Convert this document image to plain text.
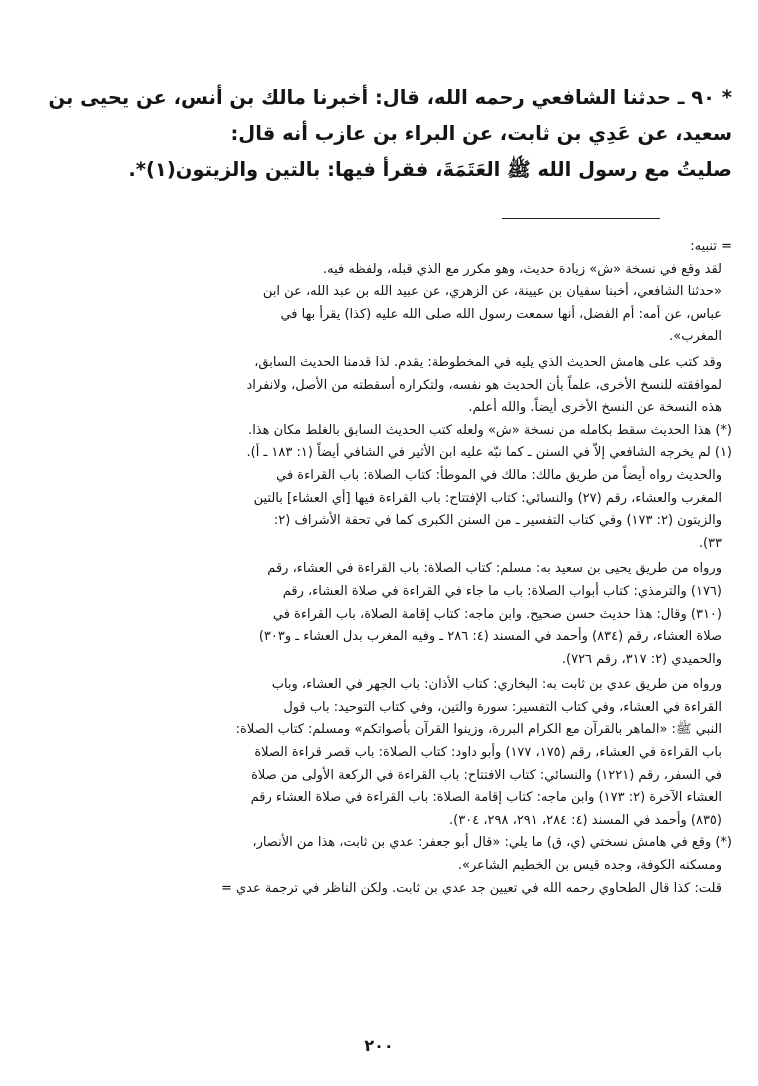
* ٩٠ ـ حدثنا الشافعي رحمه الله، قال: أخبرنا مالك بن أنس، عن يحيى بن
سعيد، عن عَدِي بن ثابت، عن البراء بن عازب أنه قال:
صليتُ مع رسول الله ﷺ العَتَمَةَ، فقرأ فيها: بالتين والزيتون(١)*.
= تنبيه:
لقد وقع في نسخة «ش» زيادة حديث، وهو مكرر مع الذي قبله، ولفظه فيه.
«حدثنا الشافعي، أخبنا سفيان بن عيينة، عن الزهري، عن عبيد الله بن عبد الله، عن ابن
عباس، عن أمه: أم الفضل، أنها سمعت رسول الله صلى الله عليه (كذا) يقرأ بها في
المغرب».
وقد كتب على هامش الحديث الذي يليه في المخطوطة: يقدم. لذا قدمنا الحديث السابق،
لموافقته للنسخ الأخرى، علماً بأن الحديث هو نفسه، ولتكراره أسقطته من الأصل، ولانفراد
هذه النسخة عن النسخ الأخرى أيضاً. والله أعلم.
(*) هذا الحديث سقط بكامله من نسخة «ش» ولعله كتب الحديث السابق بالغلط مكان هذا.
(١) لم يخرجه الشافعي إلاّ في السنن ـ كما نبّه عليه ابن الأثير في الشافي أيضاً (١: ١٨٣ ـ أ).
والحديث رواه أيضاً من طريق مالك: مالك في الموطأ: كتاب الصلاة: باب القراءة في
المغرب والعشاء، رقم (٢٧) والنسائي: كتاب الإفتتاح: باب القراءة فيها [أي العشاء] بالتين
والزيتون (٢: ١٧٣) وفي كتاب التفسير ـ من السنن الكبرى كما في تحفة الأشراف (٢:
٣٣).
ورواه من طريق يحيى بن سعيد به: مسلم: كتاب الصلاة: باب القراءة في العشاء، رقم
(١٧٦) والترمذي: كتاب أبواب الصلاة: باب ما جاء في القراءة في صلاة العشاء، رقم
(٣١٠) وقال: هذا حديث حسن صحيح. وابن ماجه: كتاب إقامة الصلاة، باب القراءة في
صلاة العشاء، رقم (٨٣٤) وأحمد في المسند (٤: ٢٨٦ ـ وفيه المغرب بدل العشاء ـ و٣٠٣)
والحميدي (٢: ٣١٧، رقم ٧٢٦).
ورواه من طريق عدي بن ثابت به: البخاري: كتاب الأذان: باب الجهر في العشاء، وباب
القراءة في العشاء، وفي كتاب التفسير: سورة والتين، وفي كتاب التوحيد: باب قول
النبي ﷺ: «الماهر بالقرآن مع الكرام البررة، وزينوا القرآن بأصواتكم» ومسلم: كتاب الصلاة:
باب القراءة في العشاء، رقم (١٧٥، ١٧٧) وأبو داود: كتاب الصلاة: باب قصر قراءة الصلاة
في السفر، رقم (١٢٢١) والنسائي: كتاب الافتتاح: باب القراءة في الركعة الأولى من صلاة
العشاء الآخرة (٢: ١٧٣) وابن ماجه: كتاب إقامة الصلاة: باب القراءة في صلاة العشاء رقم
(٨٣٥) وأحمد في المسند (٤: ٢٨٤، ٢٩١، ٢٩٨، ٣٠٤).
(*) وقع في هامش نسختي (ي، ق) ما يلي: «قال أبو جعفر: عدي بن ثابت، هذا من الأنصار،
ومسكنه الكوفة، وجده قيس بن الخطيم الشاعر».
قلت: كذا قال الطحاوي رحمه الله في تعيين جد عدي بن ثابت. ولكن الناظر في ترجمة عدي =
٢٠٠
